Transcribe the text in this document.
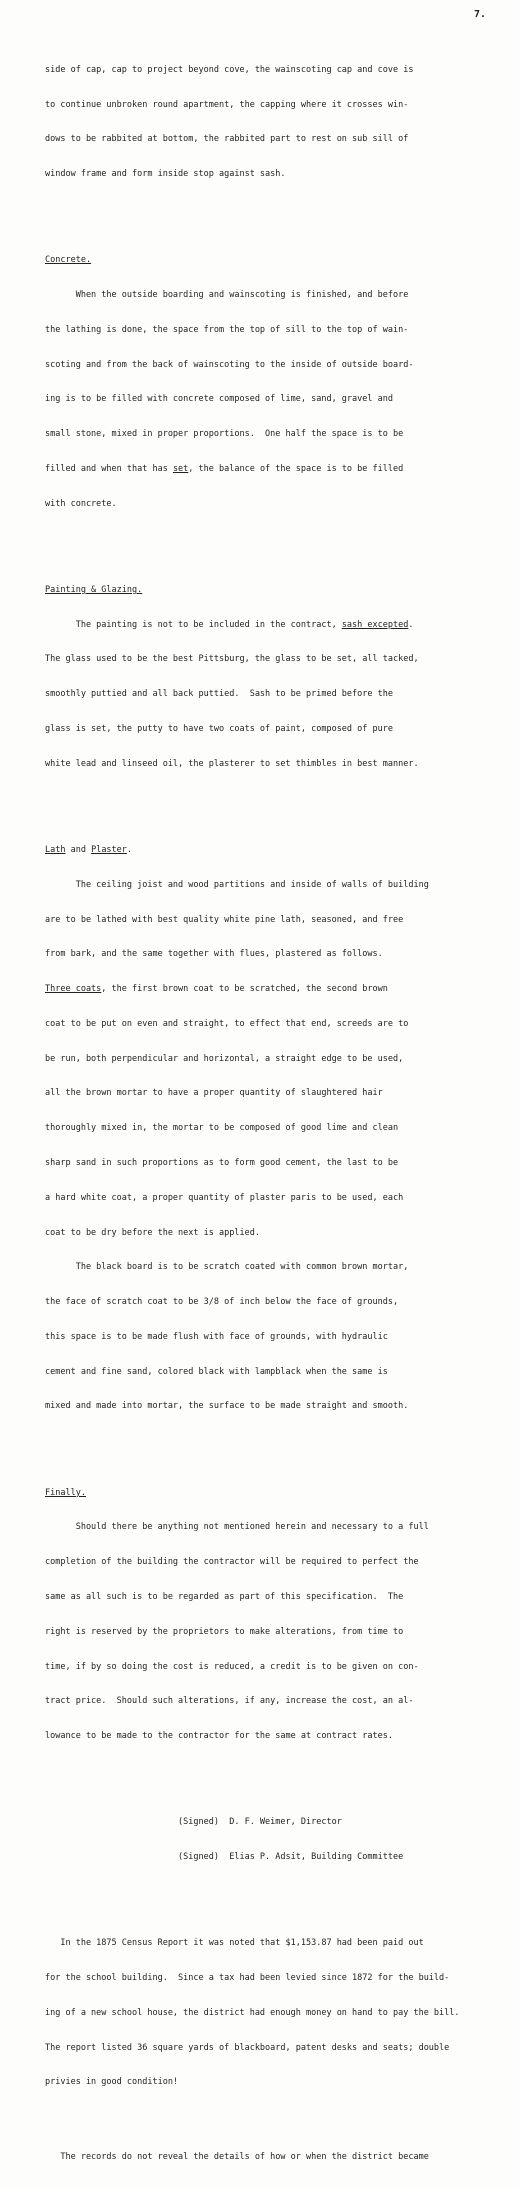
7.

side of cap, cap to project beyond cove, the wainscoting cap and cove is

to continue unbroken round apartment, the capping where it crosses win-

dows to be rabbited at bottom, the rabbited part to rest on sub sill of

window frame and form inside stop against sash.

Concrete.

When the outside boarding and wainscoting is finished, and before

the lathing is done, the space from the top of sill to the top of wain-

scoting and from the back of wainscoting to the inside of outside board-

ing is to be filled with concrete composed of lime, sand, gravel and

small stone, mixed in proper proportions.  One half the space is to be

filled and when that has set, the balance of the space is to be filled

with concrete.

Painting & Glazing.

The painting is not to be included in the contract, sash excepted.

The glass used to be the best Pittsburg, the glass to be set, all tacked,

smoothly puttied and all back puttied.  Sash to be primed before the

glass is set, the putty to have two coats of paint, composed of pure

white lead and linseed oil, the plasterer to set thimbles in best manner.

Lath and Plaster.

The ceiling joist and wood partitions and inside of walls of building

are to be lathed with best quality white pine lath, seasoned, and free

from bark, and the same together with flues, plastered as follows.

Three coats, the first brown coat to be scratched, the second brown

coat to be put on even and straight, to effect that end, screeds are to

be run, both perpendicular and horizontal, a straight edge to be used,

all the brown mortar to have a proper quantity of slaughtered hair

thoroughly mixed in, the mortar to be composed of good lime and clean

sharp sand in such proportions as to form good cement, the last to be

a hard white coat, a proper quantity of plaster paris to be used, each

coat to be dry before the next is applied.

The black board is to be scratch coated with common brown mortar,

the face of scratch coat to be 3/8 of inch below the face of grounds,

this space is to be made flush with face of grounds, with hydraulic

cement and fine sand, colored black with lampblack when the same is

mixed and made into mortar, the surface to be made straight and smooth.

Finally.

Should there be anything not mentioned herein and necessary to a full

completion of the building the contractor will be required to perfect the

same as all such is to be regarded as part of this specification.  The

right is reserved by the proprietors to make alterations, from time to

time, if by so doing the cost is reduced, a credit is to be given on con-

tract price.  Should such alterations, if any, increase the cost, an al-

lowance to be made to the contractor for the same at contract rates.

(Signed)  D. F. Weimer, Director

(Signed)  Elias P. Adsit, Building Committee

In the 1875 Census Report it was noted that $1,153.87 had been paid out

for the school building.  Since a tax had been levied since 1872 for the build-

ing of a new school house, the district had enough money on hand to pay the bill.

The report listed 36 square yards of blackboard, patent desks and seats; double

privies in good condition!

The records do not reveal the details of how or when the district became
